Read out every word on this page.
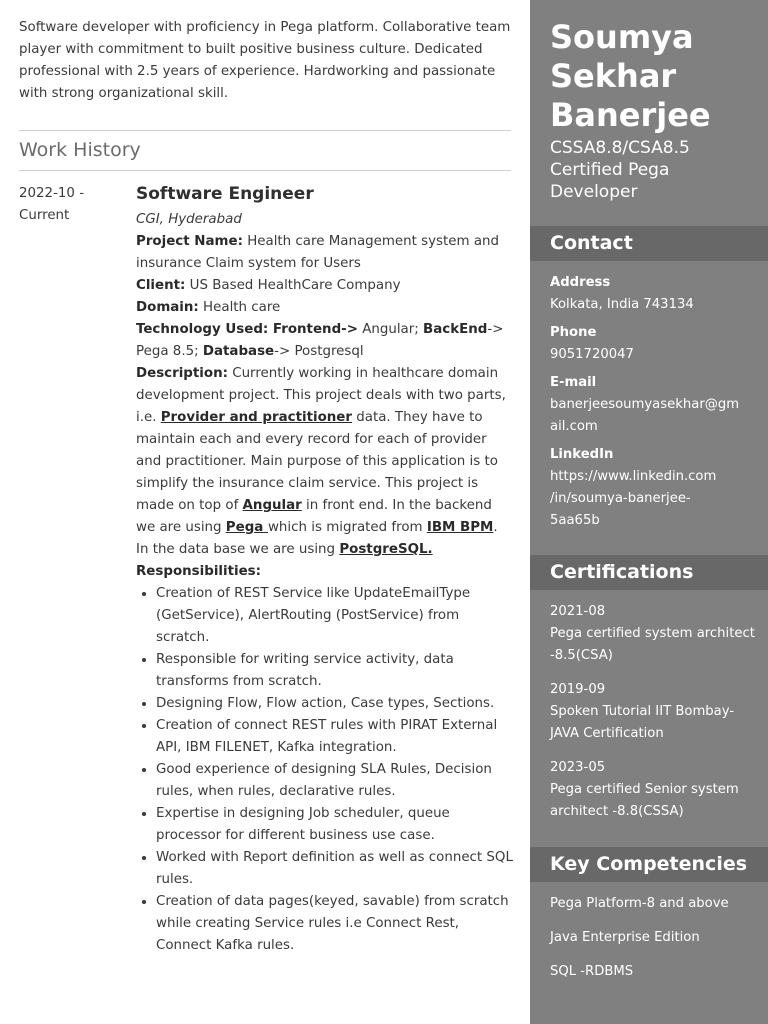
Software developer with proficiency in Pega platform. Collaborative team player with commitment to built positive business culture. Dedicated professional with 2.5 years of experience. Hardworking and passionate with strong organizational skill.
Work History
2022-10 -
Current
Software Engineer
CGI, Hyderabad
Project Name: Health care Management system and insurance Claim system for Users
Client: US Based HealthCare Company
Domain: Health care
Technology Used: Frontend-> Angular; BackEnd-> Pega 8.5; Database-> Postgresql
Description: Currently working in healthcare domain development project. This project deals with two parts, i.e. Provider and practitioner data. They have to maintain each and every record for each of provider and practitioner. Main purpose of this application is to simplify the insurance claim service. This project is made on top of Angular in front end. In the backend we are using Pega which is migrated from IBM BPM. In the data base we are using PostgreSQL.
Responsibilities:
• Creation of REST Service like UpdateEmailType (GetService), AlertRouting (PostService) from scratch.
• Responsible for writing service activity, data transforms from scratch.
• Designing Flow, Flow action, Case types, Sections.
• Creation of connect REST rules with PIRAT External API, IBM FILENET, Kafka integration.
• Good experience of designing SLA Rules, Decision rules, when rules, declarative rules.
• Expertise in designing Job scheduler, queue processor for different business use case.
• Worked with Report definition as well as connect SQL rules.
• Creation of data pages(keyed, savable) from scratch while creating Service rules i.e Connect Rest, Connect Kafka rules.
Soumya
Sekhar
Banerjee
CSSA8.8/CSA8.5 Certified Pega Developer
Contact
Address
Kolkata, India 743134
Phone
9051720047
E-mail
banerjeesoumyasekhar@gm
ail.com
LinkedIn
https://www.linkedin.com
/in/soumya-banerjee-
5aa65b
Certifications
2021-08
Pega certified system architect -8.5(CSA)
2019-09
Spoken Tutorial IIT Bombay-JAVA Certification
2023-05
Pega certified Senior system architect -8.8(CSSA)
Key Competencies
Pega Platform-8 and above
Java Enterprise Edition
SQL -RDBMS
